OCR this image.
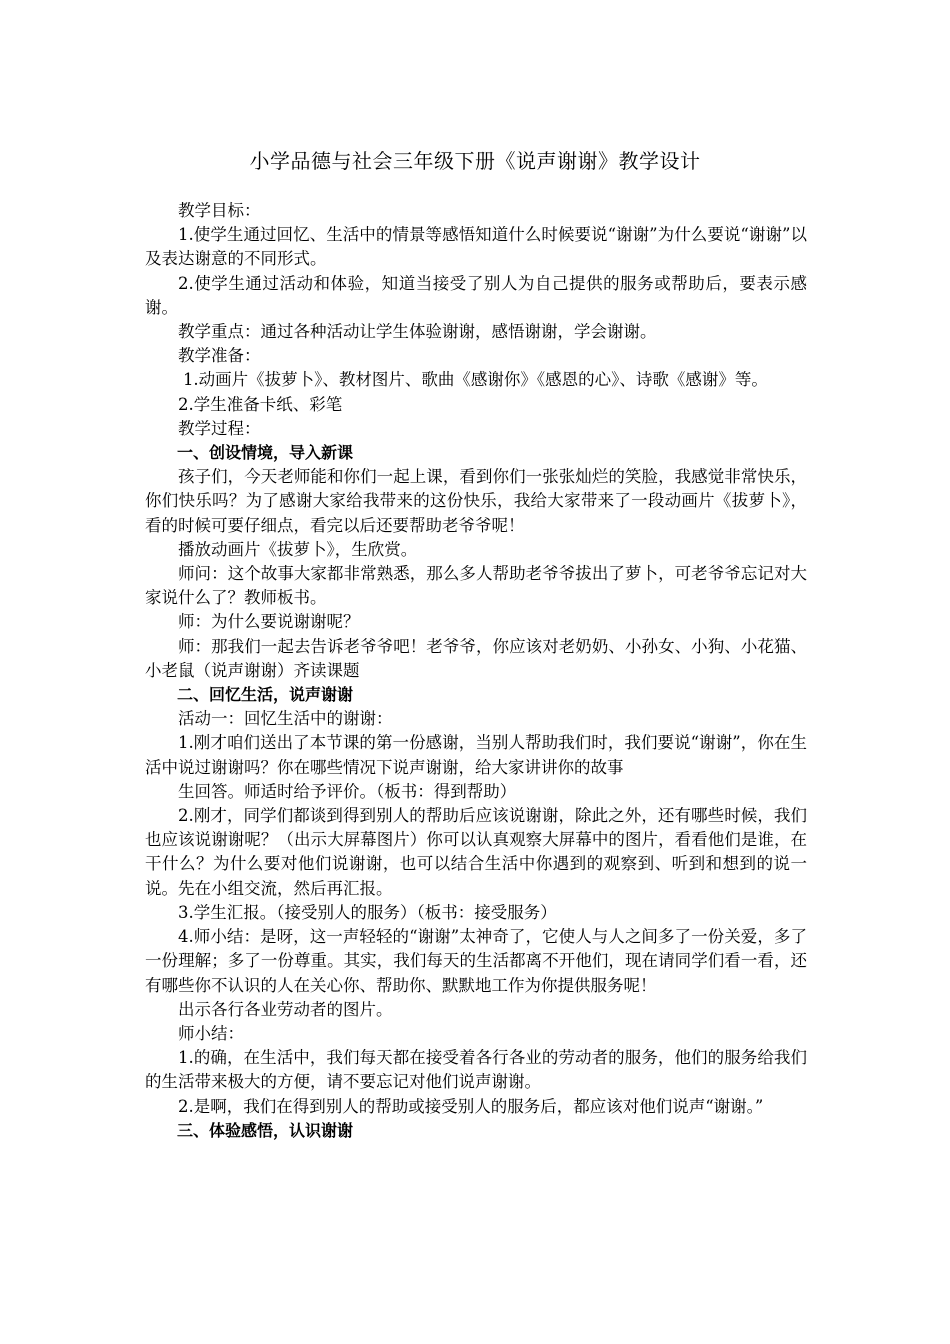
小学品德与社会三年级下册《说声谢谢》教学设计

教学目标：

1.使学生通过回忆、生活中的情景等感悟知道什么时候要说“谢谢”为什么要说“谢谢”以及表达谢意的不同形式。

2.使学生通过活动和体验，知道当接受了别人为自己提供的服务或帮助后，要表示感谢。

教学重点：通过各种活动让学生体验谢谢，感悟谢谢，学会谢谢。

教学准备：

1.动画片《拔萝卜》、教材图片、歌曲《感谢你》《感恩的心》、诗歌《感谢》等。

2.学生准备卡纸、彩笔

教学过程：

一、创设情境，导入新课

孩子们，今天老师能和你们一起上课，看到你们一张张灿烂的笑脸，我感觉非常快乐，你们快乐吗？为了感谢大家给我带来的这份快乐，我给大家带来了一段动画片《拔萝卜》，看的时候可要仔细点，看完以后还要帮助老爷爷呢！

播放动画片《拔萝卜》，生欣赏。

师问：这个故事大家都非常熟悉，那么多人帮助老爷爷拔出了萝卜，可老爷爷忘记对大家说什么了？教师板书。

师：为什么要说谢谢呢？

师：那我们一起去告诉老爷爷吧！老爷爷，你应该对老奶奶、小孙女、小狗、小花猫、小老鼠（说声谢谢）齐读课题

二、回忆生活，说声谢谢

活动一：回忆生活中的谢谢：

1.刚才咱们送出了本节课的第一份感谢，当别人帮助我们时，我们要说“谢谢”，你在生活中说过谢谢吗？你在哪些情况下说声谢谢，给大家讲讲你的故事

生回答。师适时给予评价。（板书：得到帮助）

2.刚才，同学们都谈到得到别人的帮助后应该说谢谢，除此之外，还有哪些时候，我们也应该说谢谢呢？（出示大屏幕图片）你可以认真观察大屏幕中的图片，看看他们是谁，在干什么？为什么要对他们说谢谢，也可以结合生活中你遇到的观察到、听到和想到的说一说。先在小组交流，然后再汇报。

3.学生汇报。（接受别人的服务）（板书：接受服务）

4.师小结：是呀，这一声轻轻的“谢谢”太神奇了，它使人与人之间多了一份关爱，多了一份理解；多了一份尊重。其实，我们每天的生活都离不开他们，现在请同学们看一看，还有哪些你不认识的人在关心你、帮助你、默默地工作为你提供服务呢！

出示各行各业劳动者的图片。

师小结：

1.的确，在生活中，我们每天都在接受着各行各业的劳动者的服务，他们的服务给我们的生活带来极大的方便，请不要忘记对他们说声谢谢。

2.是啊，我们在得到别人的帮助或接受别人的服务后，都应该对他们说声“谢谢。”

三、体验感悟，认识谢谢
